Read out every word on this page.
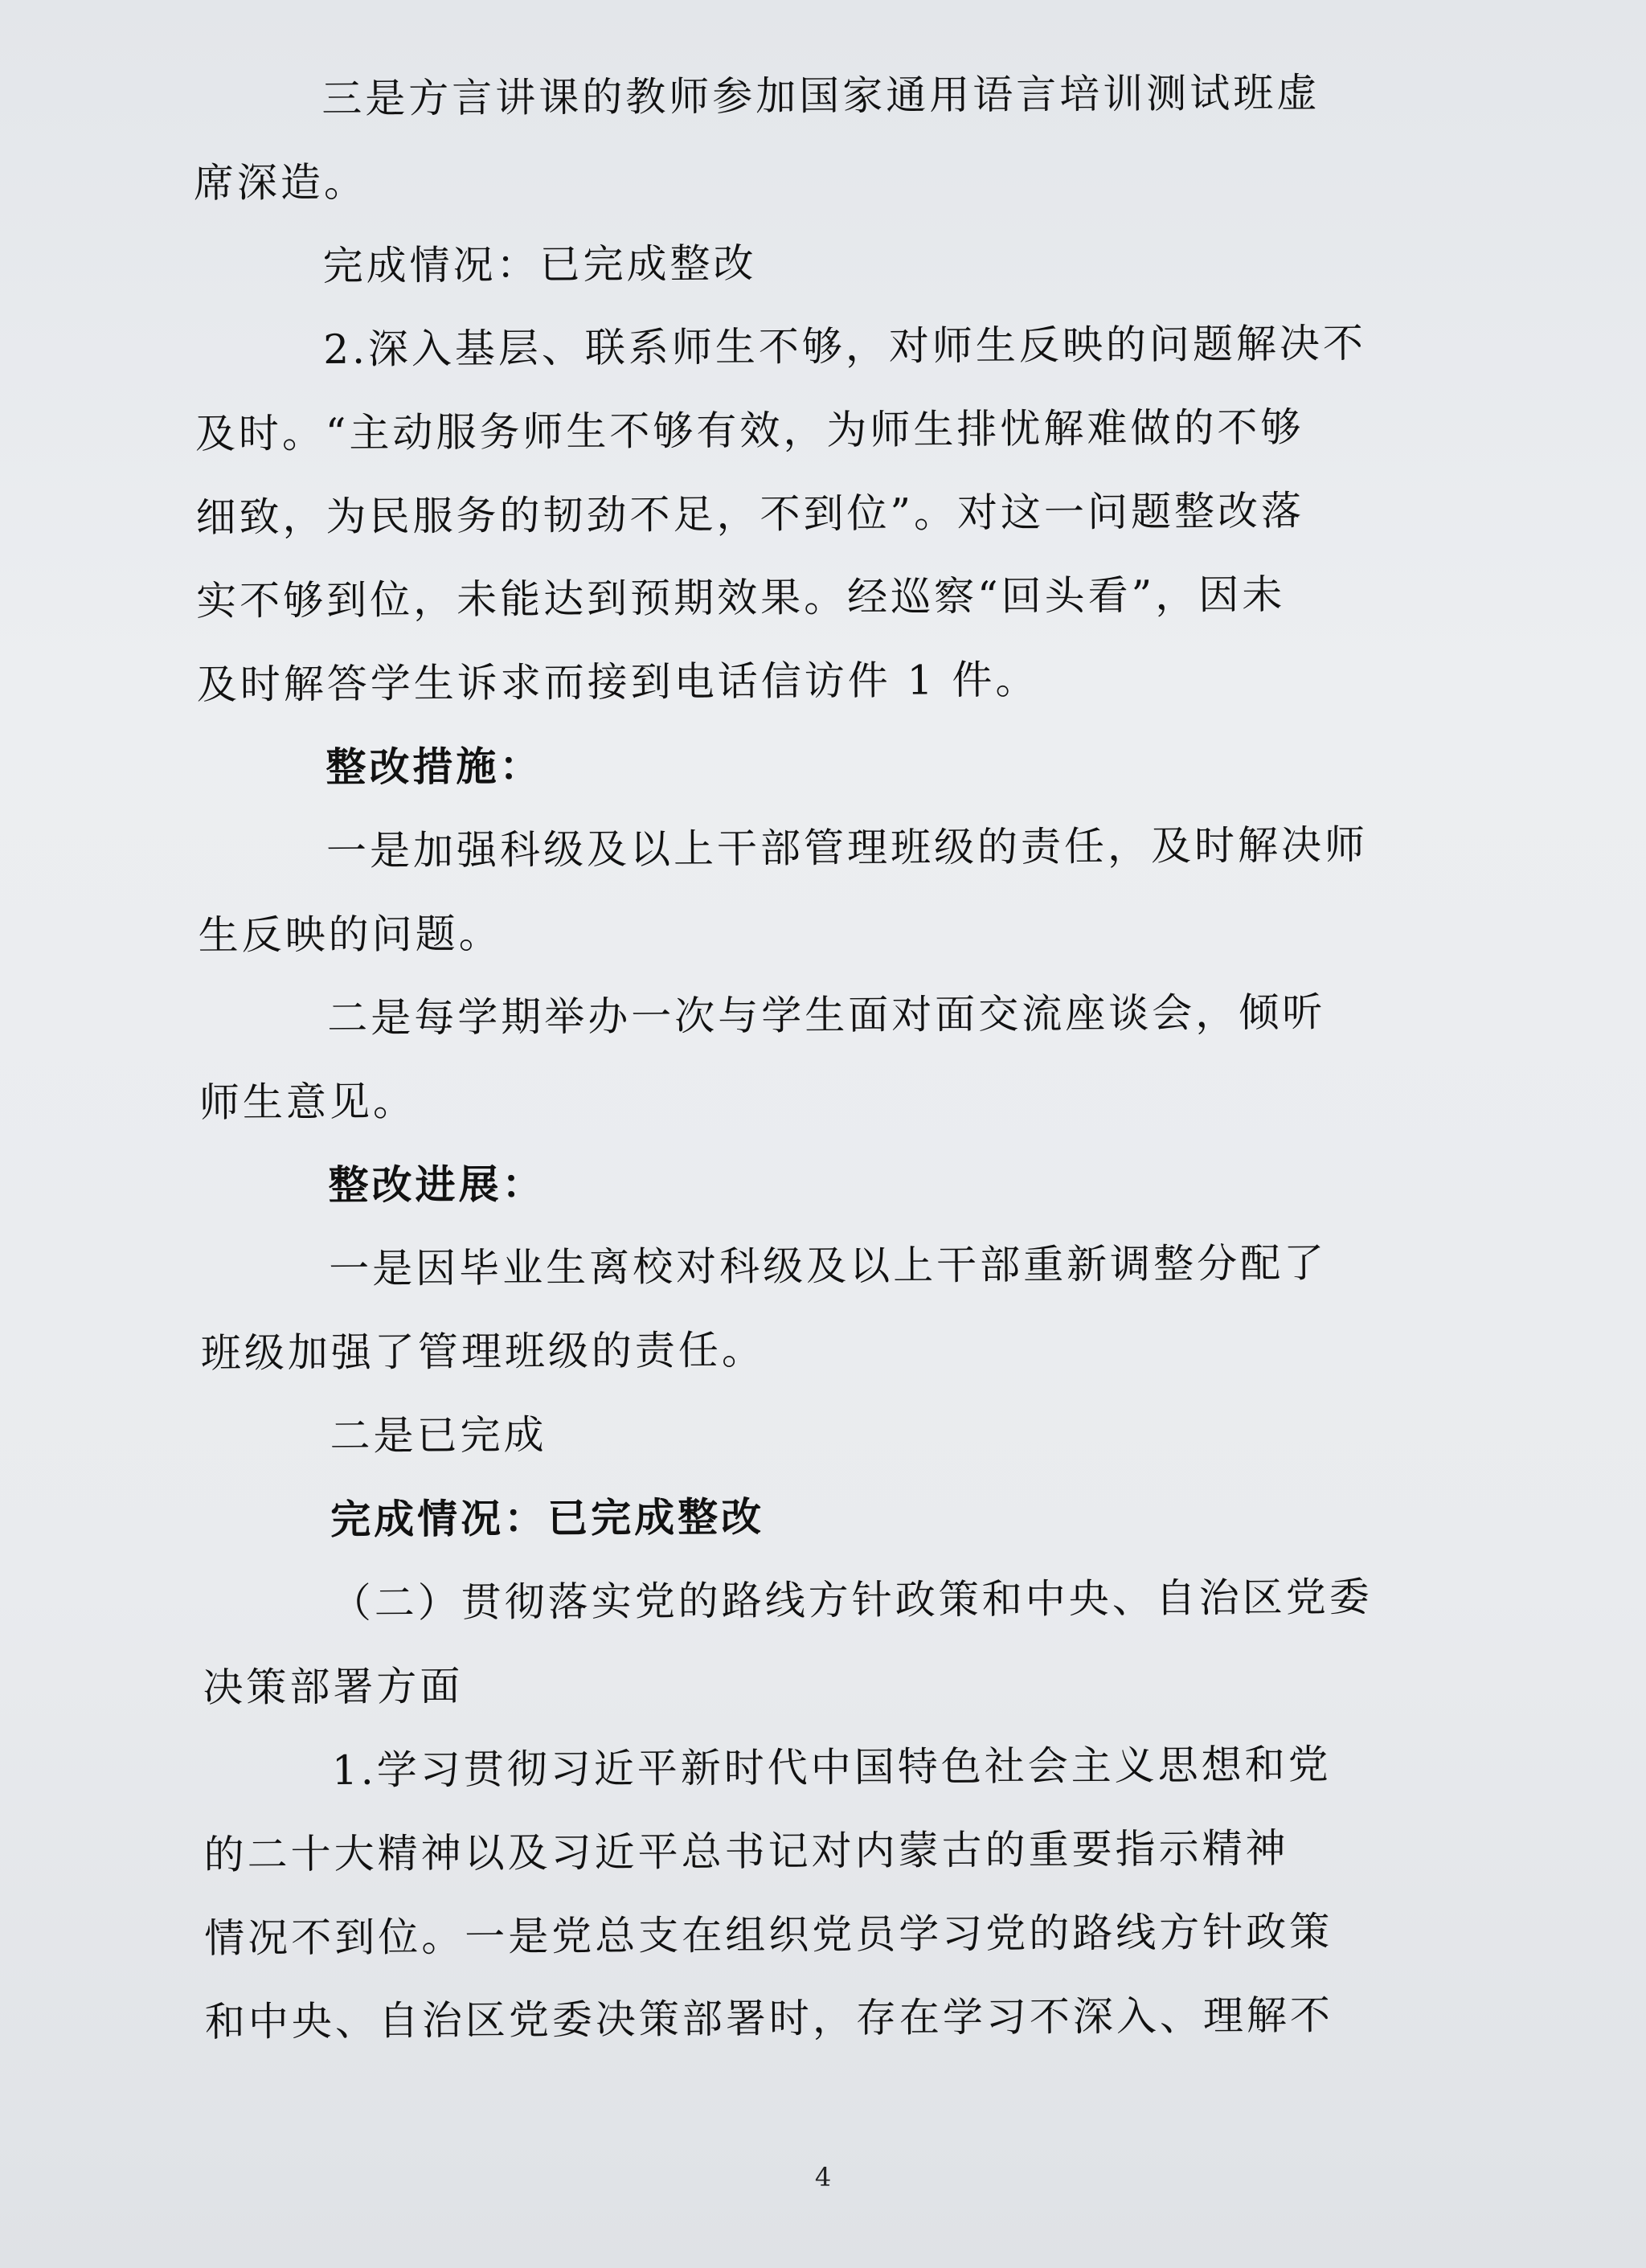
三是方言讲课的教师参加国家通用语言培训测试班虚
席深造。
完成情况：已完成整改
2.深入基层、联系师生不够，对师生反映的问题解决不
及时。“主动服务师生不够有效，为师生排忧解难做的不够
细致，为民服务的韧劲不足，不到位”。对这一问题整改落
实不够到位，未能达到预期效果。经巡察“回头看”，因未
及时解答学生诉求而接到电话信访件 1 件。
整改措施：
一是加强科级及以上干部管理班级的责任，及时解决师
生反映的问题。
二是每学期举办一次与学生面对面交流座谈会，倾听
师生意见。
整改进展：
一是因毕业生离校对科级及以上干部重新调整分配了
班级加强了管理班级的责任。
二是已完成
完成情况：已完成整改
（二）贯彻落实党的路线方针政策和中央、自治区党委
决策部署方面
1.学习贯彻习近平新时代中国特色社会主义思想和党
的二十大精神以及习近平总书记对内蒙古的重要指示精神
情况不到位。一是党总支在组织党员学习党的路线方针政策
和中央、自治区党委决策部署时，存在学习不深入、理解不
4
